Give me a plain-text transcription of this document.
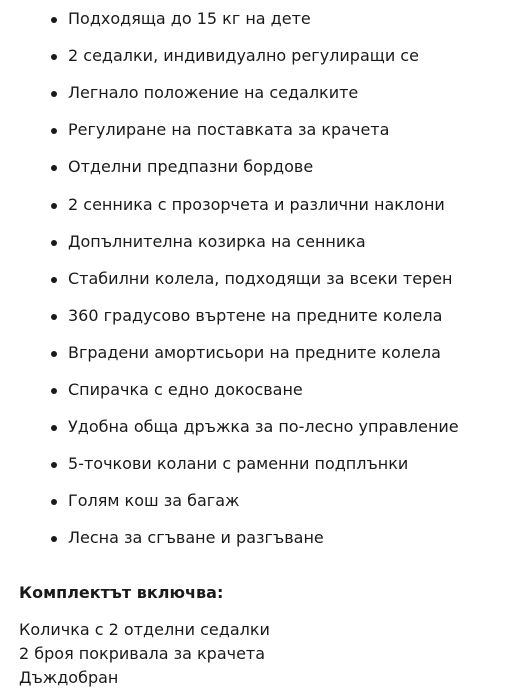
Подходяща до 15 кг на дете
2 седалки, индивидуално регулиращи се
Легнало положение на седалките
Регулиране на поставката за крачета
Отделни предпазни бордове
2 сенника с прозорчета и различни наклони
Допълнителна козирка на сенника
Стабилни колела, подходящи за всеки терен
360 градусово въртене на предните колела
Вградени амортисьори на предните колела
Спирачка с едно докосване
Удобна обща дръжка за по-лесно управление
5-точкови колани с раменни подплънки
Голям кош за багаж
Лесна за сгъване и разгъване

Комплектът включва:

Количка с 2 отделни седалки
2 броя покривала за крачета
Дъждобран
